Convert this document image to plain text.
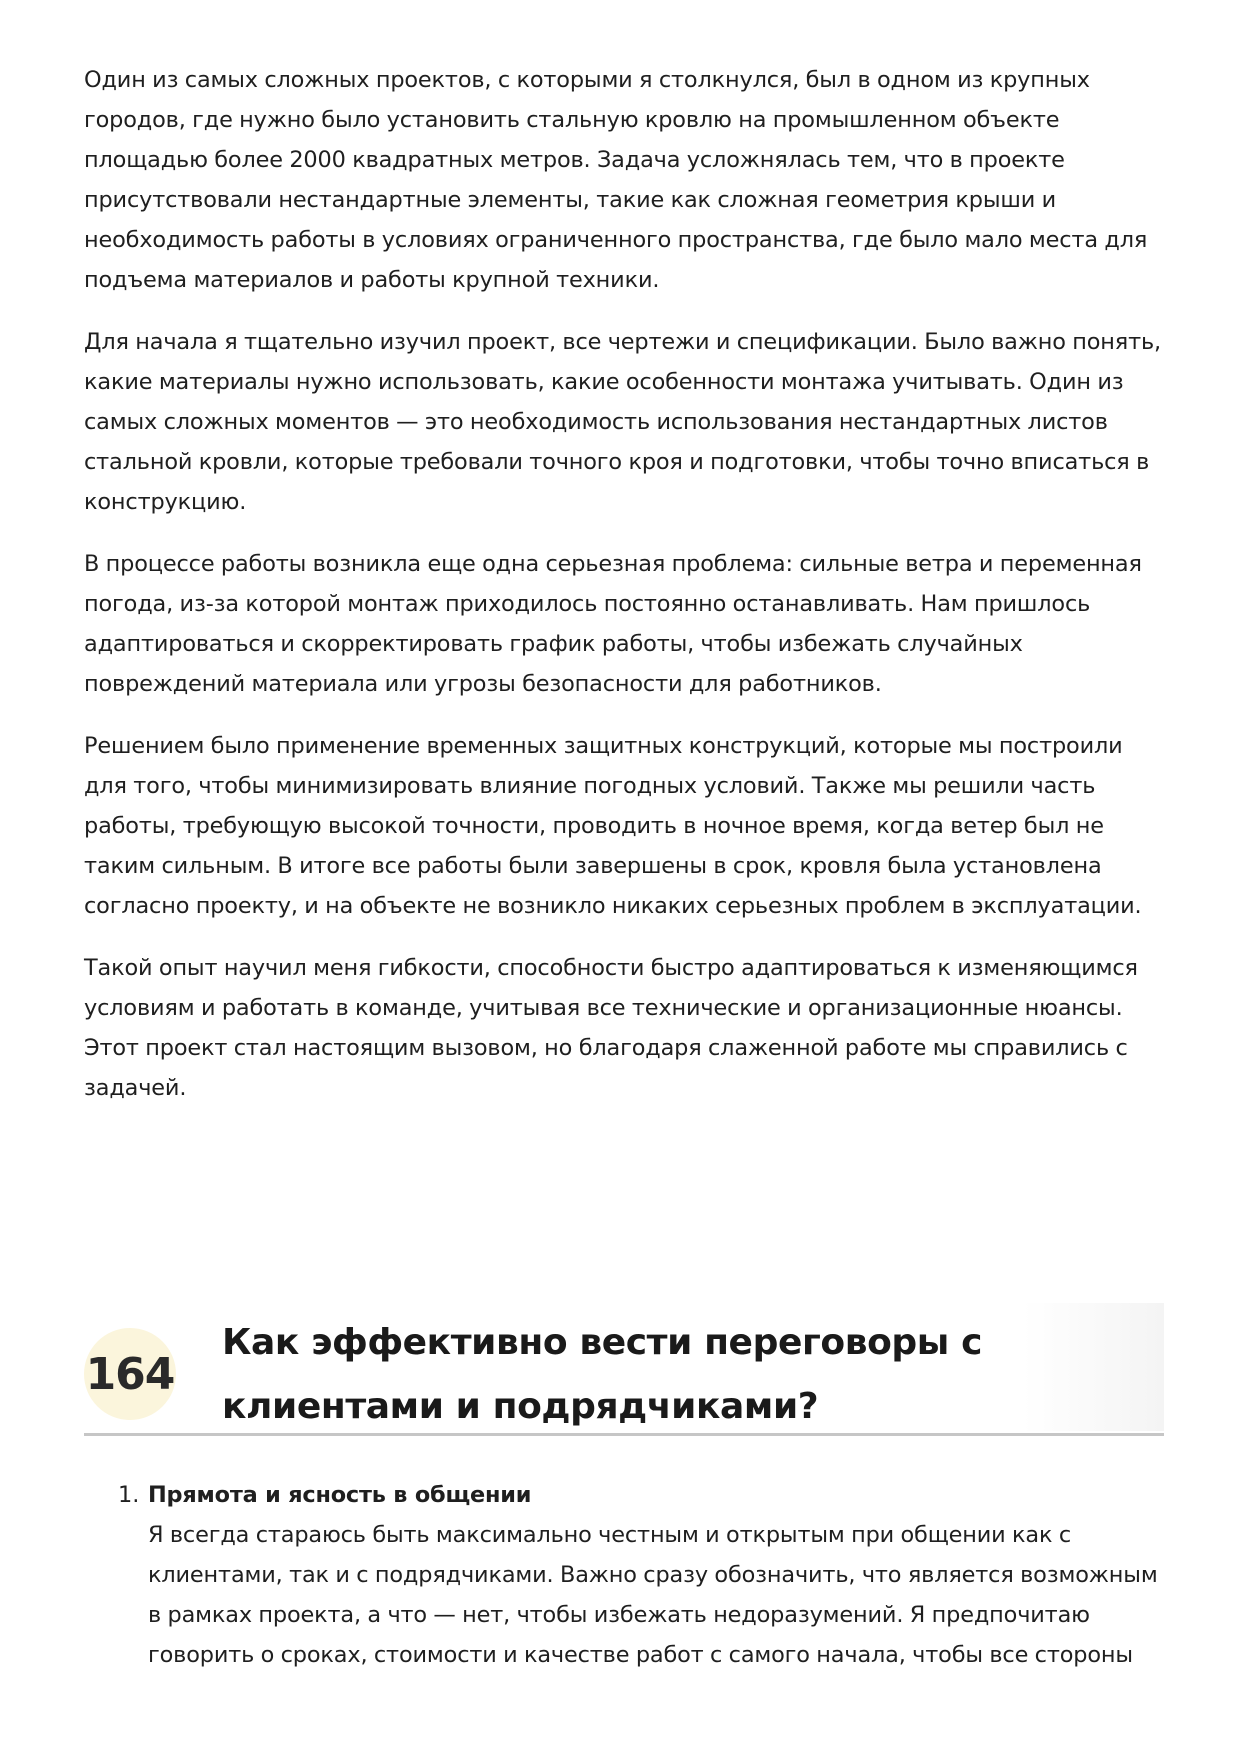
Один из самых сложных проектов, с которыми я столкнулся, был в одном из крупных городов, где нужно было установить стальную кровлю на промышленном объекте площадью более 2000 квадратных метров. Задача усложнялась тем, что в проекте присутствовали нестандартные элементы, такие как сложная геометрия крыши и необходимость работы в условиях ограниченного пространства, где было мало места для подъема материалов и работы крупной техники.

Для начала я тщательно изучил проект, все чертежи и спецификации. Было важно понять, какие материалы нужно использовать, какие особенности монтажа учитывать. Один из самых сложных моментов — это необходимость использования нестандартных листов стальной кровли, которые требовали точного кроя и подготовки, чтобы точно вписаться в конструкцию.

В процессе работы возникла еще одна серьезная проблема: сильные ветра и переменная погода, из-за которой монтаж приходилось постоянно останавливать. Нам пришлось адаптироваться и скорректировать график работы, чтобы избежать случайных повреждений материала или угрозы безопасности для работников.

Решением было применение временных защитных конструкций, которые мы построили для того, чтобы минимизировать влияние погодных условий. Также мы решили часть работы, требующую высокой точности, проводить в ночное время, когда ветер был не таким сильным. В итоге все работы были завершены в срок, кровля была установлена согласно проекту, и на объекте не возникло никаких серьезных проблем в эксплуатации.

Такой опыт научил меня гибкости, способности быстро адаптироваться к изменяющимся условиям и работать в команде, учитывая все технические и организационные нюансы. Этот проект стал настоящим вызовом, но благодаря слаженной работе мы справились с задачей.

164
Как эффективно вести переговоры с клиентами и подрядчиками?
1. Прямота и ясность в общении
Я всегда стараюсь быть максимально честным и открытым при общении как с клиентами, так и с подрядчиками. Важно сразу обозначить, что является возможным в рамках проекта, а что — нет, чтобы избежать недоразумений. Я предпочитаю говорить о сроках, стоимости и качестве работ с самого начала, чтобы все стороны
